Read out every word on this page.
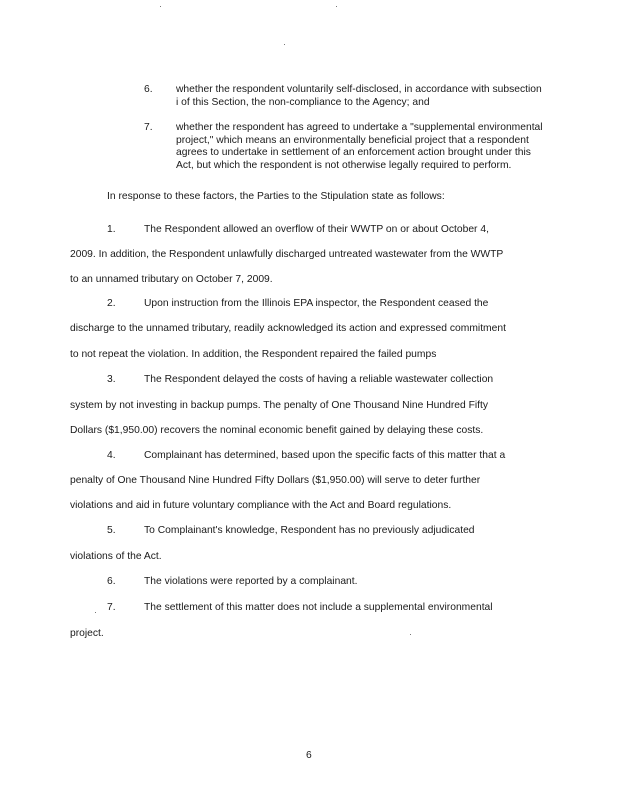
6. whether the respondent voluntarily self-disclosed, in accordance with subsection i of this Section, the non-compliance to the Agency; and
7. whether the respondent has agreed to undertake a "supplemental environmental project," which means an environmentally beneficial project that a respondent agrees to undertake in settlement of an enforcement action brought under this Act, but which the respondent is not otherwise legally required to perform.
In response to these factors, the Parties to the Stipulation state as follows:
1.	The Respondent allowed an overflow of their WWTP on or about October 4,
2009. In addition, the Respondent unlawfully discharged untreated wastewater from the WWTP
to an unnamed tributary on October 7, 2009.
2.	Upon instruction from the Illinois EPA inspector, the Respondent ceased the
discharge to the unnamed tributary, readily acknowledged its action and expressed commitment
to not repeat the violation. In addition, the Respondent repaired the failed pumps
3.	The Respondent delayed the costs of having a reliable wastewater collection
system by not investing in backup pumps. The penalty of One Thousand Nine Hundred Fifty
Dollars ($1,950.00) recovers the nominal economic benefit gained by delaying these costs.
4.	Complainant has determined, based upon the specific facts of this matter that a
penalty of One Thousand Nine Hundred Fifty Dollars ($1,950.00) will serve to deter further
violations and aid in future voluntary compliance with the Act and Board regulations.
5.	To Complainant's knowledge, Respondent has no previously adjudicated
violations of the Act.
6.	The violations were reported by a complainant.
7.	The settlement of this matter does not include a supplemental environmental
project.
6
